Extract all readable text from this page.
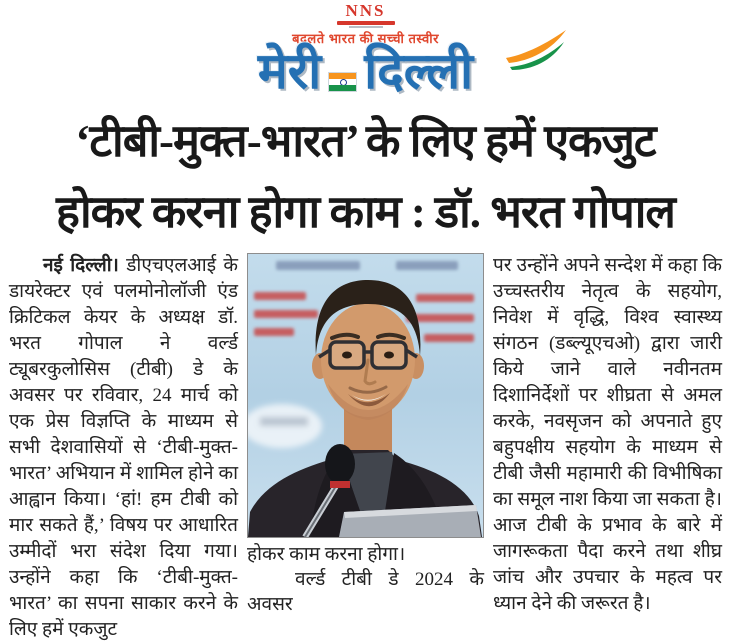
NNS
बदलते भारत की सच्ची तस्वीर
मेरी दिल्ली
‘टीबी-मुक्त-भारत’ के लिए हमें एकजुट
होकर करना होगा काम : डॉ. भरत गोपाल

नई दिल्ली। डीएचएलआई के डायरेक्टर एवं पलमोनोलॉजी एंड क्रिटिकल केयर के अध्यक्ष डॉ. भरत गोपाल ने वर्ल्ड ट्यूबरकुलोसिस (टीबी) डे के अवसर पर रविवार, 24 मार्च को एक प्रेस विज्ञप्ति के माध्यम से सभी देशवासियों से ‘टीबी-मुक्त-भारत’ अभियान में शामिल होने का आह्वान किया। ‘हां! हम टीबी को मार सकते हैं,’ विषय पर आधारित उम्मीदों भरा संदेश दिया गया। उन्होंने कहा कि ‘टीबी-मुक्त-भारत’ का सपना साकार करने के लिए हमें एकजुट

होकर काम करना होगा।
वर्ल्ड टीबी डे 2024 के अवसर

पर उन्होंने अपने सन्देश में कहा कि उच्चस्तरीय नेतृत्व के सहयोग, निवेश में वृद्धि, विश्व स्वास्थ्य संगठन (डब्ल्यूएचओ) द्वारा जारी किये जाने वाले नवीनतम दिशानिर्देशों पर शीघ्रता से अमल करके, नवसृजन को अपनाते हुए बहुपक्षीय सहयोग के माध्यम से टीबी जैसी महामारी की विभीषिका का समूल नाश किया जा सकता है। आज टीबी के प्रभाव के बारे में जागरूकता पैदा करने तथा शीघ्र जांच और उपचार के महत्व पर ध्यान देने की जरूरत है।
